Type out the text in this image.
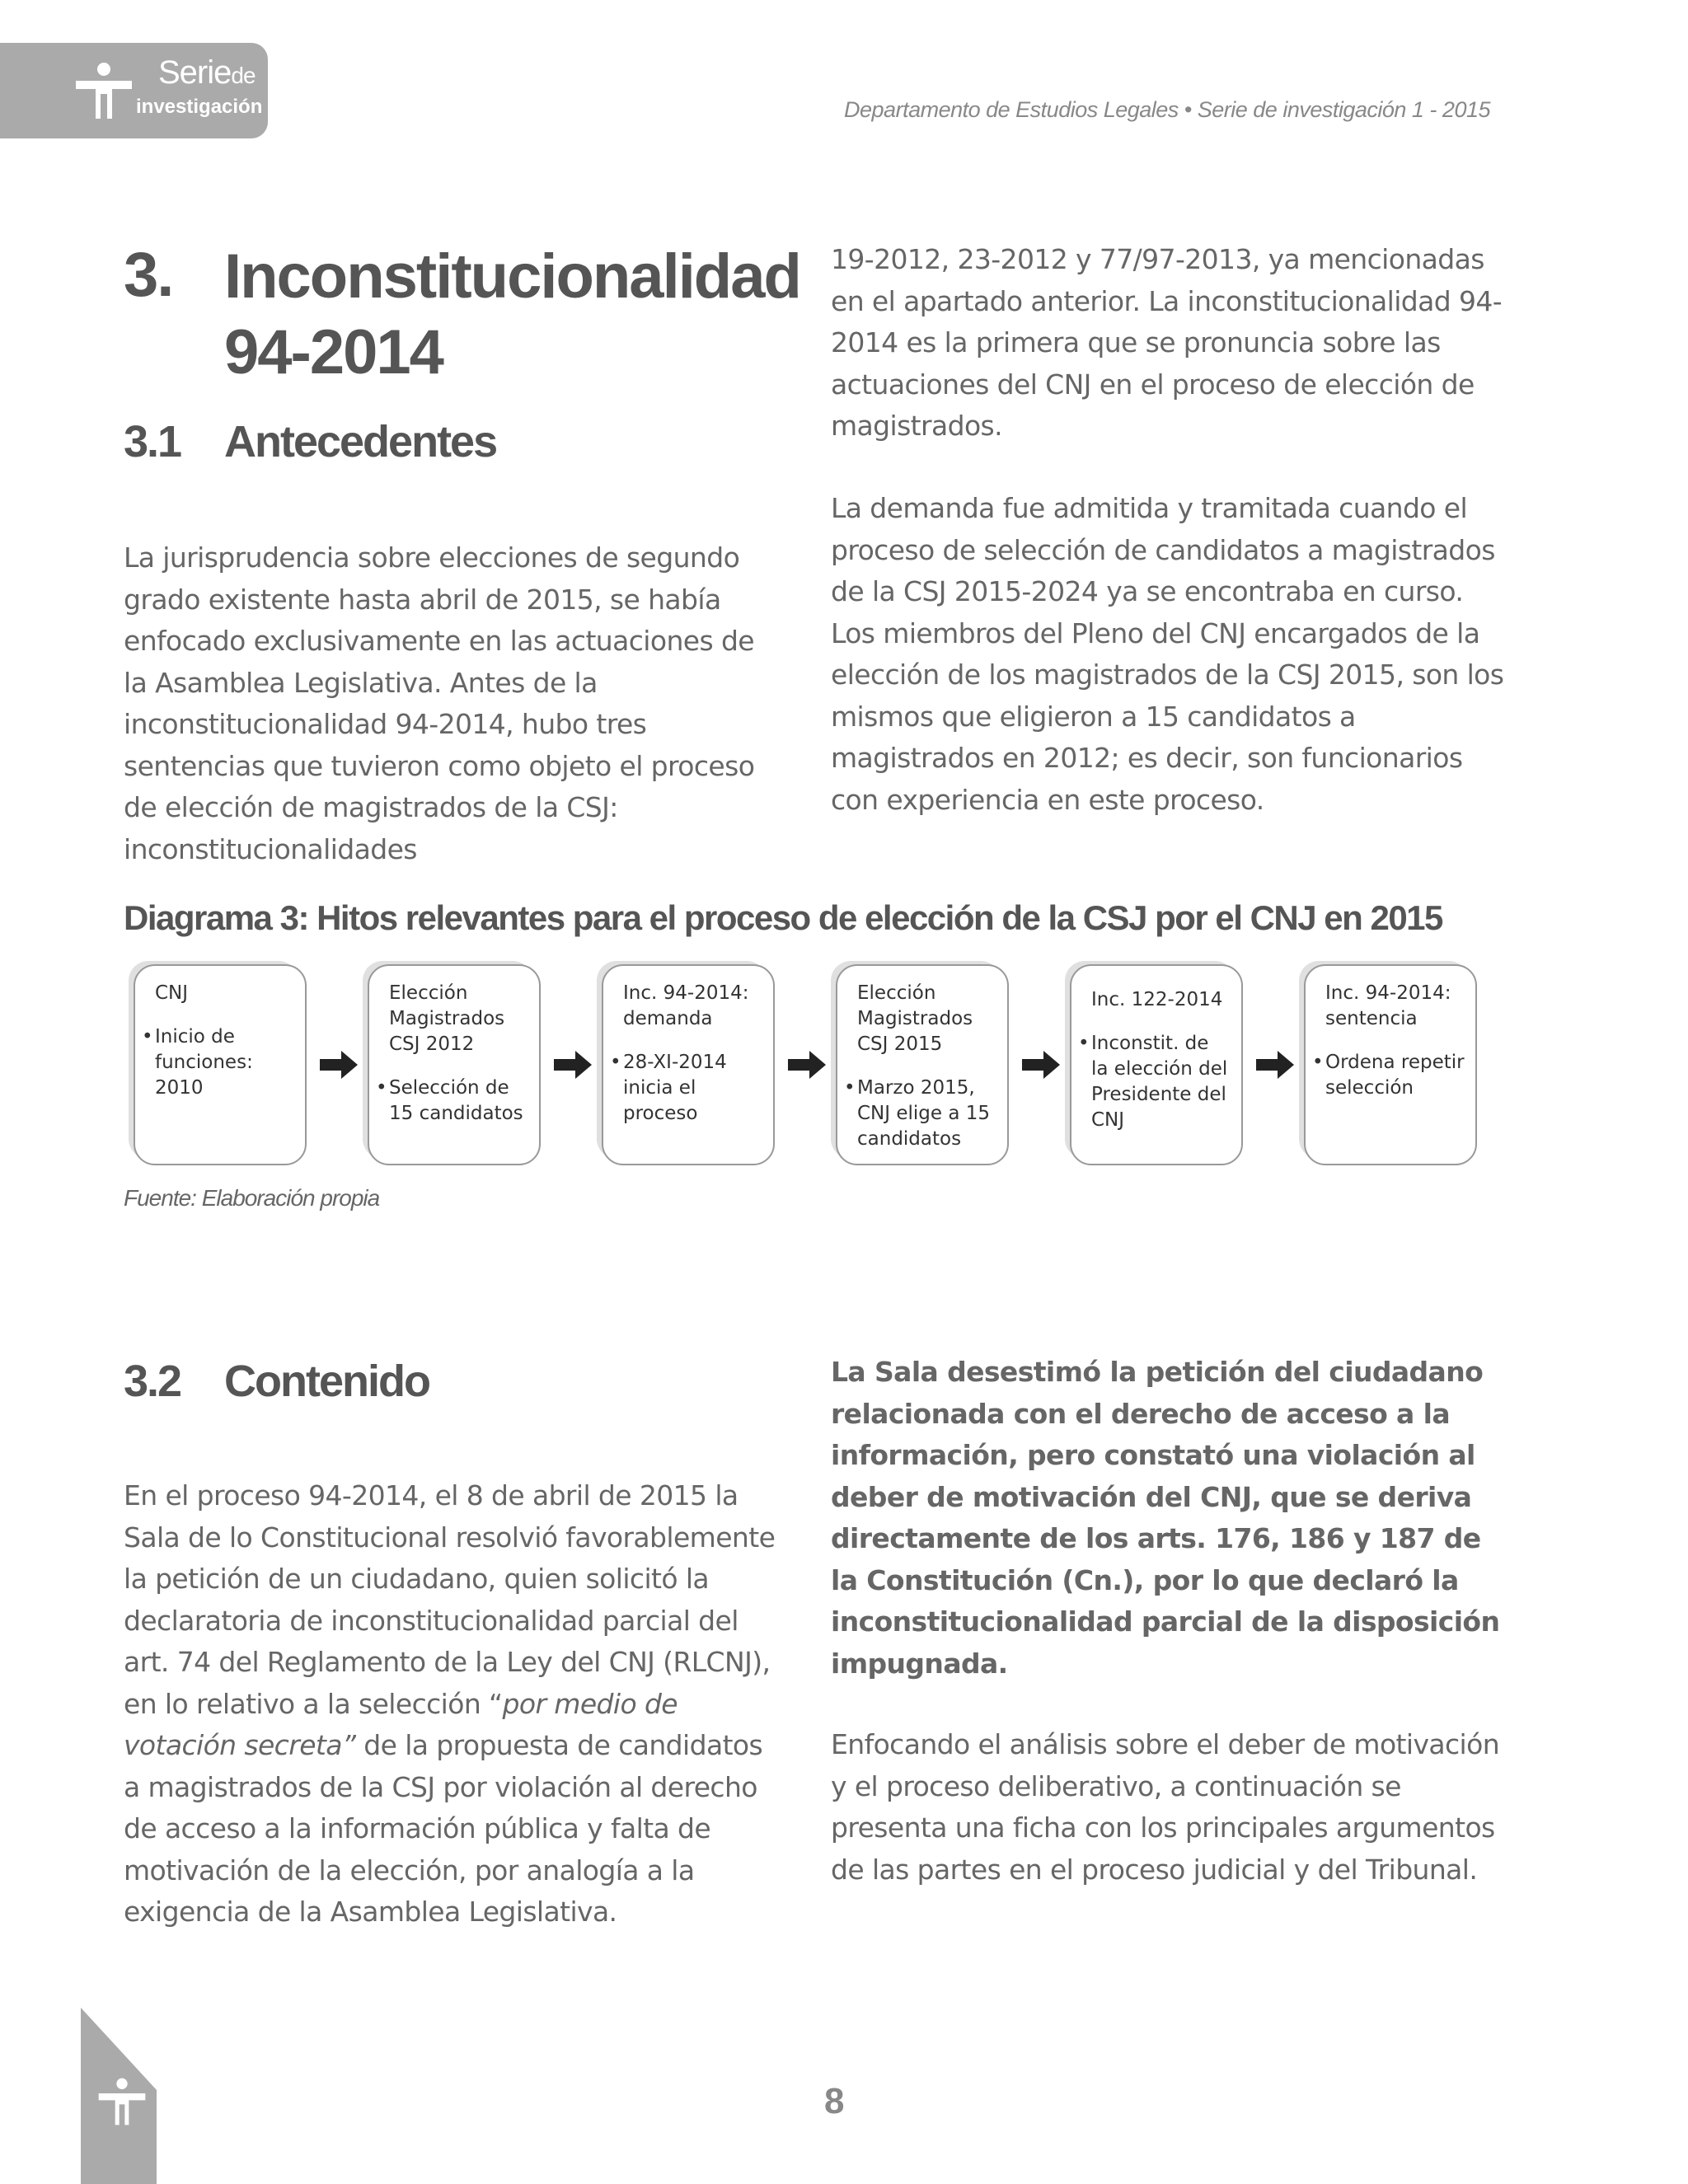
Seriede
investigación	Departamento de Estudios Legales • Serie de investigación 1 - 2015
3. Inconstitucionalidad
94-2014
3.1 Antecedentes
La jurisprudencia sobre elecciones de segundo grado existente hasta abril de 2015, se había enfocado exclusivamente en las actuaciones de la Asamblea Legislativa. Antes de la inconstitucionalidad 94-2014, hubo tres sentencias que tuvieron como objeto el proceso de elección de magistrados de la CSJ: inconstitucionalidades
19-2012, 23-2012 y 77/97-2013, ya mencionadas en el apartado anterior. La inconstitucionalidad 94-2014 es la primera que se pronuncia sobre las actuaciones del CNJ en el proceso de elección de magistrados.
La demanda fue admitida y tramitada cuando el proceso de selección de candidatos a magistrados de la CSJ 2015-2024 ya se encontraba en curso. Los miembros del Pleno del CNJ encargados de la elección de los magistrados de la CSJ 2015, son los mismos que eligieron a 15 candidatos a magistrados en 2012; es decir, son funcionarios con experiencia en este proceso.
Diagrama 3: Hitos relevantes para el proceso de elección de la CSJ por el CNJ en 2015
CNJ
• Inicio de funciones: 2010
Elección Magistrados CSJ 2012
• Selección de 15 candidatos
Inc. 94-2014: demanda
• 28-XI-2014 inicia el proceso
Elección Magistrados CSJ 2015
• Marzo 2015, CNJ elige a 15 candidatos
Inc. 122-2014
• Inconstit. de la elección del Presidente del CNJ
Inc. 94-2014: sentencia
• Ordena repetir selección
Fuente: Elaboración propia
3.2 Contenido
En el proceso 94-2014, el 8 de abril de 2015 la Sala de lo Constitucional resolvió favorablemente la petición de un ciudadano, quien solicitó la declaratoria de inconstitucionalidad parcial del art. 74 del Reglamento de la Ley del CNJ (RLCNJ), en lo relativo a la selección “por medio de votación secreta” de la propuesta de candidatos a magistrados de la CSJ por violación al derecho de acceso a la información pública y falta de motivación de la elección, por analogía a la exigencia de la Asamblea Legislativa.
La Sala desestimó la petición del ciudadano relacionada con el derecho de acceso a la información, pero constató una violación al deber de motivación del CNJ, que se deriva directamente de los arts. 176, 186 y 187 de la Constitución (Cn.), por lo que declaró la inconstitucionalidad parcial de la disposición impugnada.
Enfocando el análisis sobre el deber de motivación y el proceso deliberativo, a continuación se presenta una ficha con los principales argumentos de las partes en el proceso judicial y del Tribunal.
8
